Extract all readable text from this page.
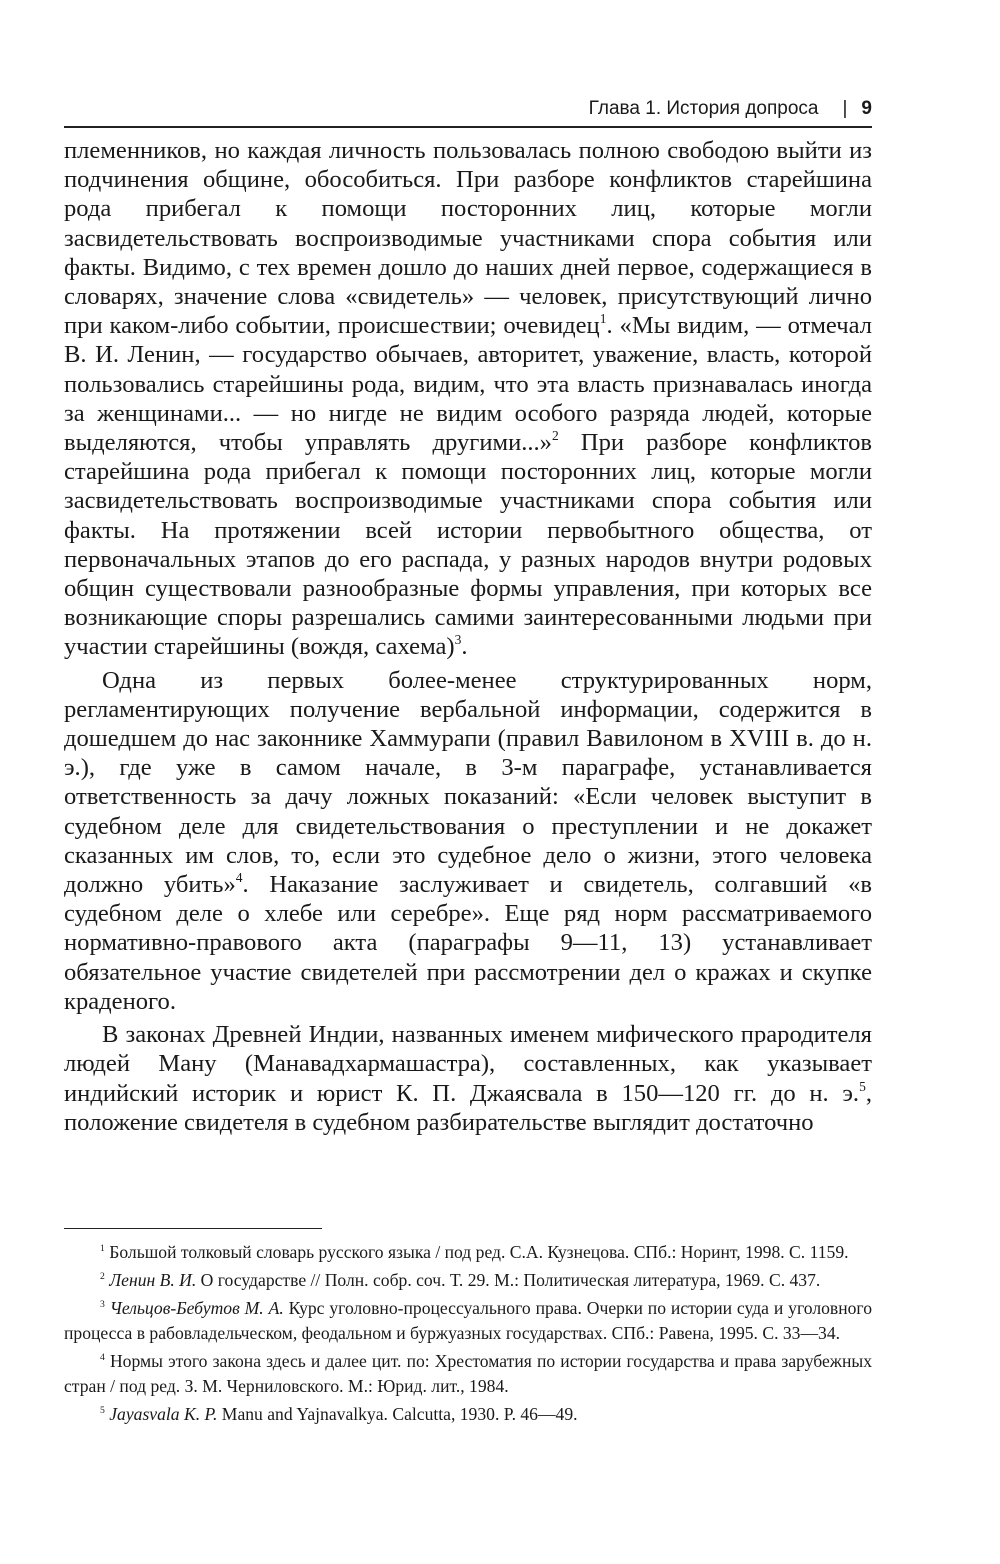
Глава 1. История допроса | 9

племенников, но каждая личность пользовалась полною свободою выйти из подчинения общине, обособиться. При разборе конфликтов старейшина рода прибегал к помощи посторонних лиц, которые могли засвидетельствовать воспроизводимые участниками спора события или факты. Видимо, с тех времен дошло до наших дней первое, содержащиеся в словарях, значение слова «свидетель» — человек, присутствующий лично при каком-либо событии, происшествии; очевидец$^1$. «Мы видим, — отмечал В. И. Ленин, — государство обычаев, авторитет, уважение, власть, которой пользовались старейшины рода, видим, что эта власть признавалась иногда за женщинами... — но нигде не видим особого разряда людей, которые выделяются, чтобы управлять другими...»$^2$ При разборе конфликтов старейшина рода прибегал к помощи посторонних лиц, которые могли засвидетельствовать воспроизводимые участниками спора события или факты. На протяжении всей истории первобытного общества, от первоначальных этапов до его распада, у разных народов внутри родовых общин существовали разнообразные формы управления, при которых все возникающие споры разрешались самими заинтересованными людьми при участии старейшины (вождя, сахема)$^3$.

Одна из первых более-менее структурированных норм, регламентирующих получение вербальной информации, содержится в дошедшем до нас законнике Хаммурапи (правил Вавилоном в XVIII в. до н. э.), где уже в самом начале, в 3-м параграфе, устанавливается ответственность за дачу ложных показаний: «Если человек выступит в судебном деле для свидетельствования о преступлении и не докажет сказанных им слов, то, если это судебное дело о жизни, этого человека должно убить»$^4$. Наказание заслуживает и свидетель, солгавший «в судебном деле о хлебе или серебре». Еще ряд норм рассматриваемого нормативно-правового акта (параграфы 9—11, 13) устанавливает обязательное участие свидетелей при рассмотрении дел о кражах и скупке краденого.

В законах Древней Индии, названных именем мифического прародителя людей Ману (Манавадхармашастра), составленных, как указывает индийский историк и юрист К. П. Джаясвала в 150—120 гг. до н. э.$^5$, положение свидетеля в судебном разбирательстве выглядит достаточно

$^1$ Большой толковый словарь русского языка / под ред. С.А. Кузнецова. СПб.: Норинт, 1998. С. 1159.

$^2$ Ленин В. И. О государстве // Полн. собр. соч. Т. 29. М.: Политическая литература, 1969. С. 437.

$^3$ Чельцов-Бебутов М. А. Курс уголовно-процессуального права. Очерки по истории суда и уголовного процесса в рабовладельческом, феодальном и буржуазных государствах. СПб.: Равена, 1995. С. 33—34.

$^4$ Нормы этого закона здесь и далее цит. по: Хрестоматия по истории государства и права зарубежных стран / под ред. З. М. Черниловского. М.: Юрид. лит., 1984.

$^5$ Jayasvala K. P. Manu and Yajnavalkya. Calcutta, 1930. P. 46—49.
